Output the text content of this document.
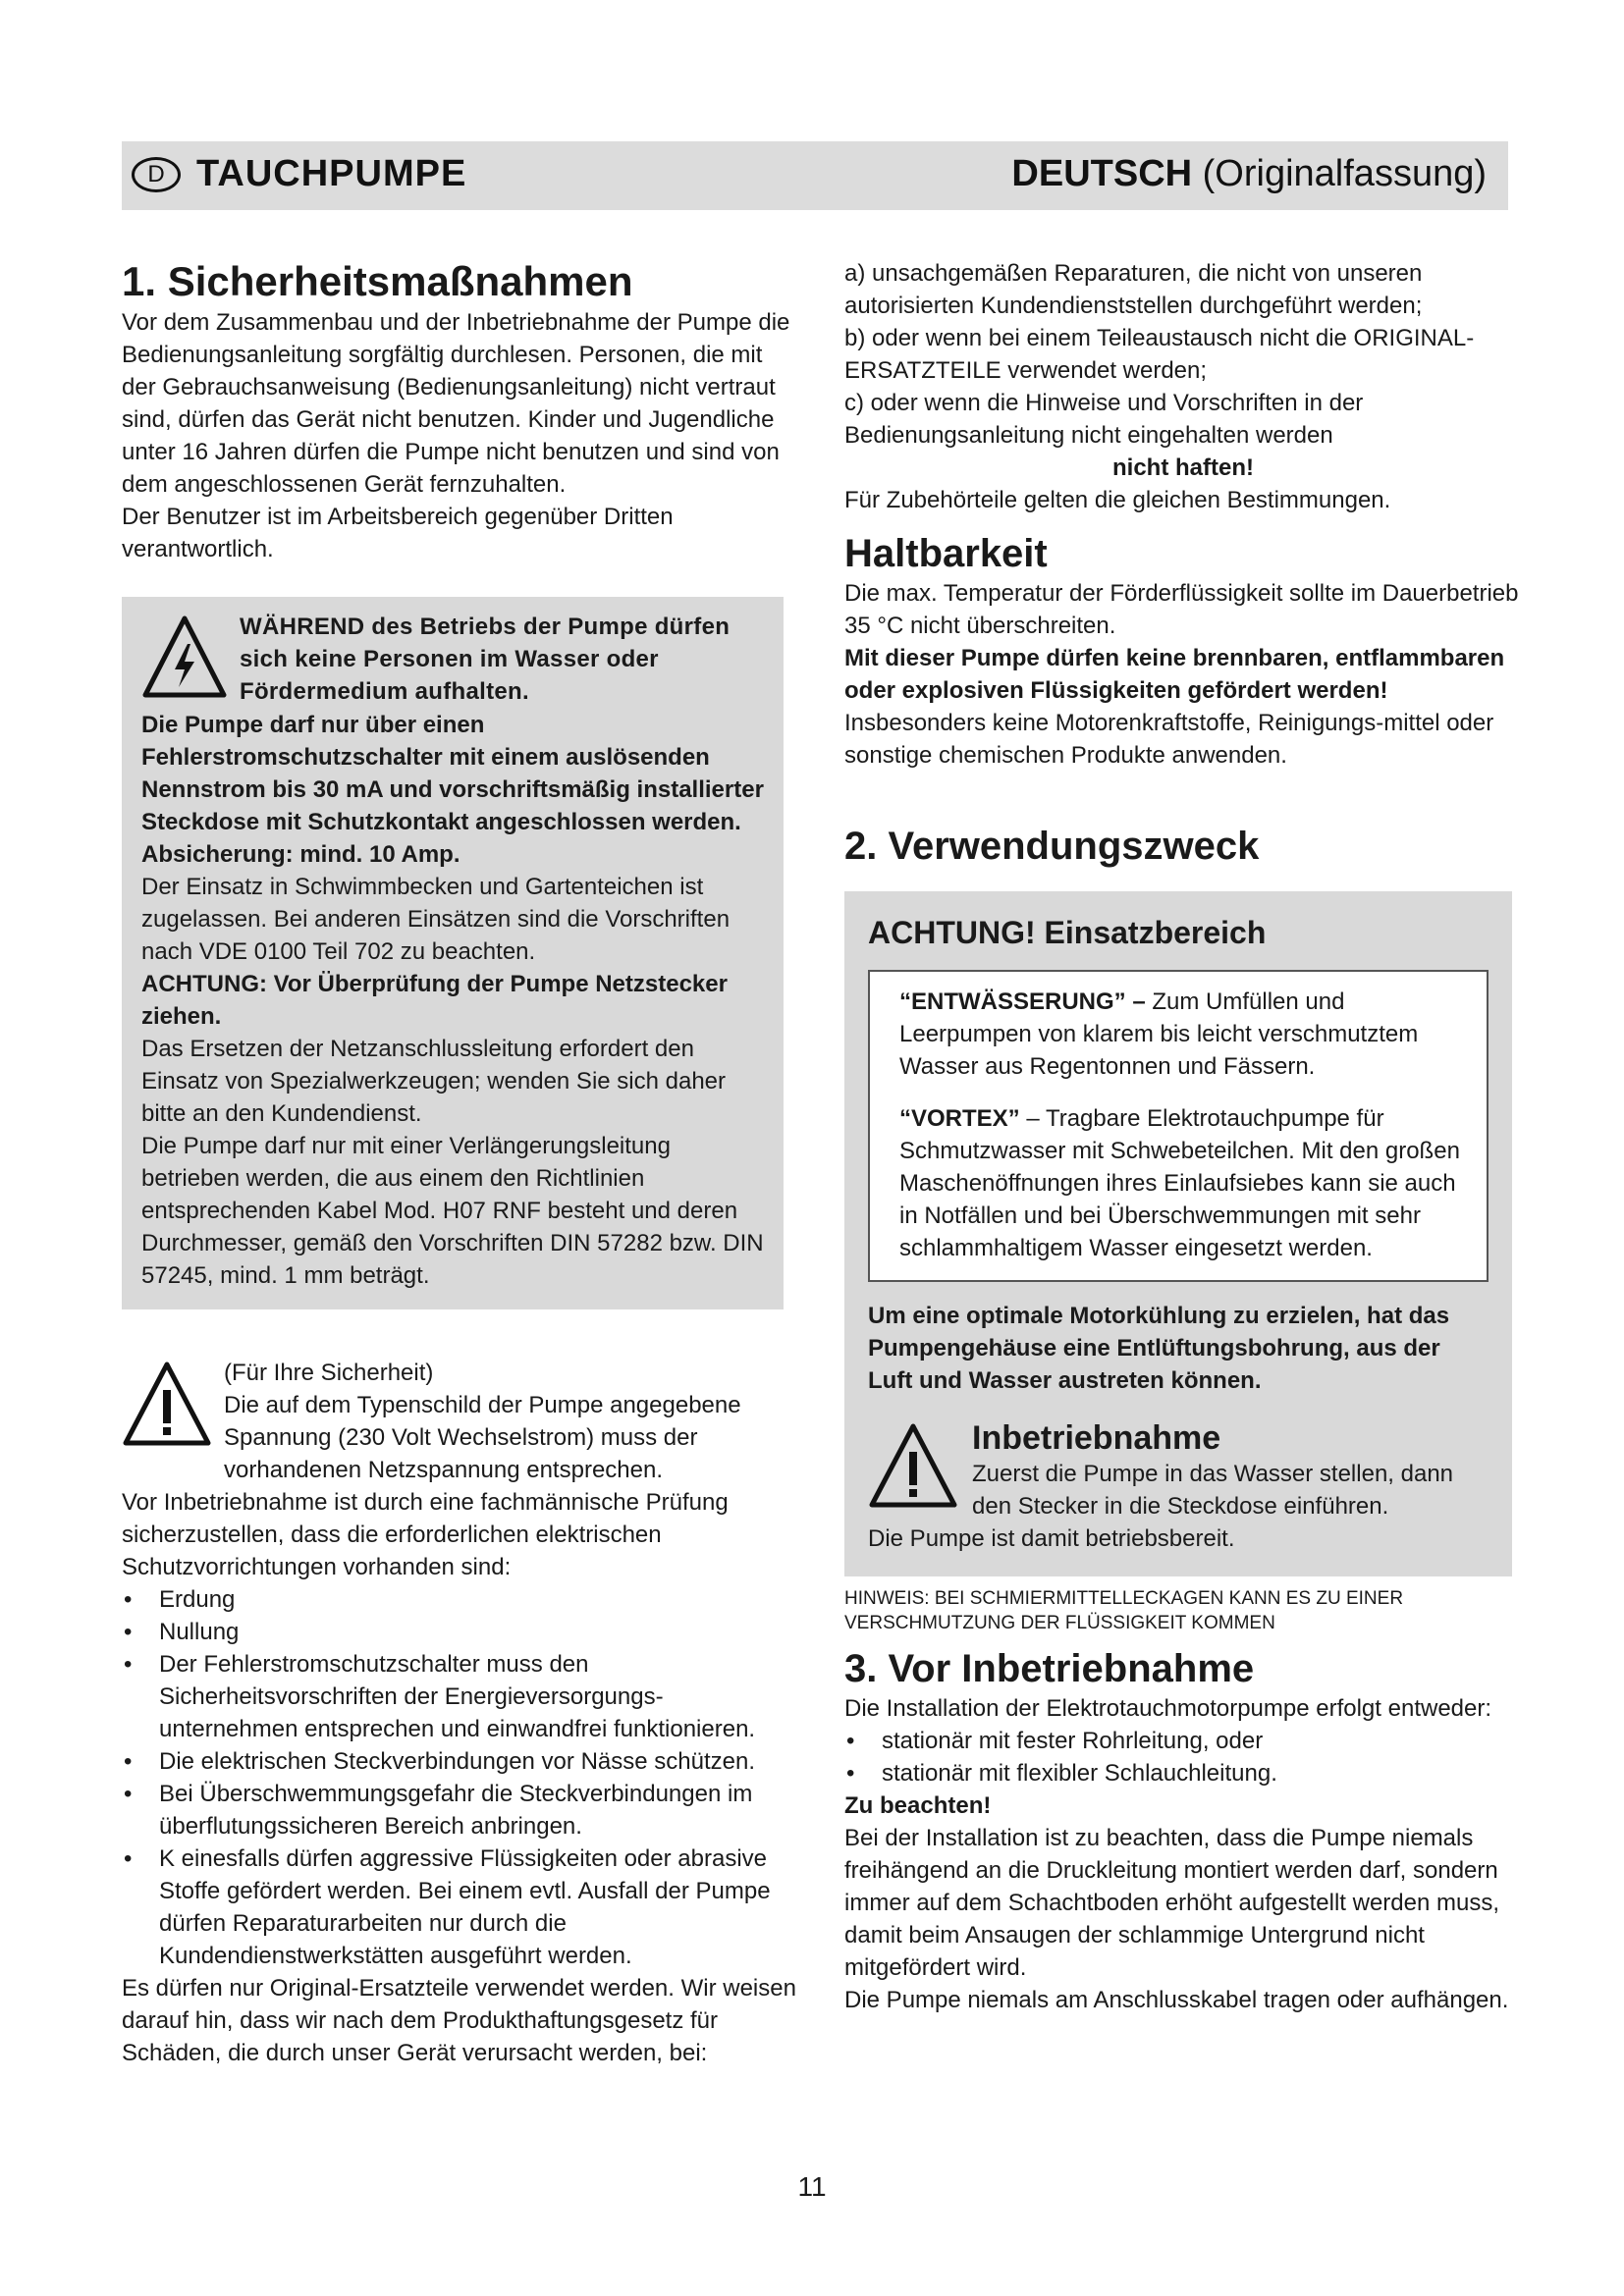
D TAUCHPUMPE	DEUTSCH (Originalfassung)
1. Sicherheitsmaßnahmen

Vor dem Zusammenbau und der Inbetriebnahme der Pumpe die Bedienungsanleitung sorgfältig durchlesen. Personen, die mit der Gebrauchsanweisung (Bedienungsanleitung) nicht vertraut sind, dürfen das Gerät nicht benutzen. Kinder und Jugendliche unter 16 Jahren dürfen die Pumpe nicht benutzen und sind von dem angeschlossenen Gerät fernzuhalten.

Der Benutzer ist im Arbeitsbereich gegenüber Dritten verantwortlich.

WÄHREND des Betriebs der Pumpe dürfen sich keine Personen im Wasser oder Fördermedium aufhalten.

Die Pumpe darf nur über einen Fehlerstromschutzschalter mit einem auslösenden Nennstrom bis 30 mA und vorschriftsmäßig installierter Steckdose mit Schutzkontakt angeschlossen werden.

Absicherung: mind. 10 Amp.

Der Einsatz in Schwimmbecken und Gartenteichen ist zugelassen. Bei anderen Einsätzen sind die Vorschriften nach VDE 0100 Teil 702 zu beachten.

ACHTUNG: Vor Überprüfung der Pumpe Netzstecker ziehen.

Das Ersetzen der Netzanschlussleitung erfordert den Einsatz von Spezialwerkzeugen; wenden Sie sich daher bitte an den Kundendienst.

Die Pumpe darf nur mit einer Verlängerungsleitung betrieben werden, die aus einem den Richtlinien entsprechenden Kabel Mod. H07 RNF besteht und deren Durchmesser, gemäß den Vorschriften DIN 57282 bzw. DIN 57245, mind. 1 mm beträgt.

(Für Ihre Sicherheit)

Die auf dem Typenschild der Pumpe angegebene Spannung (230 Volt Wechselstrom) muss der vorhandenen Netzspannung entsprechen.

Vor Inbetriebnahme ist durch eine fachmännische Prüfung sicherzustellen, dass die erforderlichen elektrischen Schutzvorrichtungen vorhanden sind:

• Erdung
• Nullung
• Der Fehlerstromschutzschalter muss den Sicherheitsvorschriften der Energieversorgungs-unternehmen entsprechen und einwandfrei funktionieren.
• Die elektrischen Steckverbindungen vor Nässe schützen.
• Bei Überschwemmungsgefahr die Steckverbindungen im überflutungssicheren Bereich anbringen.
• K einesfalls dürfen aggressive Flüssigkeiten oder abrasive Stoffe gefördert werden. Bei einem evtl. Ausfall der Pumpe dürfen Reparaturarbeiten nur durch die Kundendienstwerkstätten ausgeführt werden.

Es dürfen nur Original-Ersatzteile verwendet werden. Wir weisen darauf hin, dass wir nach dem Produkthaftungsgesetz für Schäden, die durch unser Gerät verursacht werden, bei:

a) unsachgemäßen Reparaturen, die nicht von unseren autorisierten Kundendienststellen durchgeführt werden;

b) oder wenn bei einem Teileaustausch nicht die ORIGINAL-ERSATZTEILE verwendet werden;

c) oder wenn die Hinweise und Vorschriften in der Bedienungsanleitung nicht eingehalten werden

nicht haften!

Für Zubehörteile gelten die gleichen Bestimmungen.

Haltbarkeit

Die max. Temperatur der Förderflüssigkeit sollte im Dauerbetrieb 35 °C nicht überschreiten.

Mit dieser Pumpe dürfen keine brennbaren, entflammbaren oder explosiven Flüssigkeiten gefördert werden!

Insbesonders keine Motorenkraftstoffe, Reinigungs-mittel oder sonstige chemischen Produkte anwenden.

2. Verwendungszweck

ACHTUNG! Einsatzbereich

“ENTWÄSSERUNG” – Zum Umfüllen und Leerpumpen von klarem bis leicht verschmutztem Wasser aus Regentonnen und Fässern.

“VORTEX” – Tragbare Elektrotauchpumpe für Schmutzwasser mit Schwebeteilchen. Mit den großen Maschenöffnungen ihres Einlaufsiebes kann sie auch in Notfällen und bei Überschwemmungen mit sehr schlammhaltigem Wasser eingesetzt werden.

Um eine optimale Motorkühlung zu erzielen, hat das Pumpengehäuse eine Entlüftungsbohrung, aus der Luft und Wasser austreten können.

Inbetriebnahme

Zuerst die Pumpe in das Wasser stellen, dann den Stecker in die Steckdose einführen.

Die Pumpe ist damit betriebsbereit.

HINWEIS: BEI SCHMIERMITTELLECKAGEN KANN ES ZU EINER VERSCHMUTZUNG DER FLÜSSIGKEIT KOMMEN

3. Vor Inbetriebnahme

Die Installation der Elektrotauchmotorpumpe erfolgt entweder:

• stationär mit fester Rohrleitung, oder
• stationär mit flexibler Schlauchleitung.

Zu beachten!

Bei der Installation ist zu beachten, dass die Pumpe niemals freihängend an die Druckleitung montiert werden darf, sondern immer auf dem Schachtboden erhöht aufgestellt werden muss, damit beim Ansaugen der schlammige Untergrund nicht mitgefördert wird.

Die Pumpe niemals am Anschlusskabel tragen oder aufhängen.

11
